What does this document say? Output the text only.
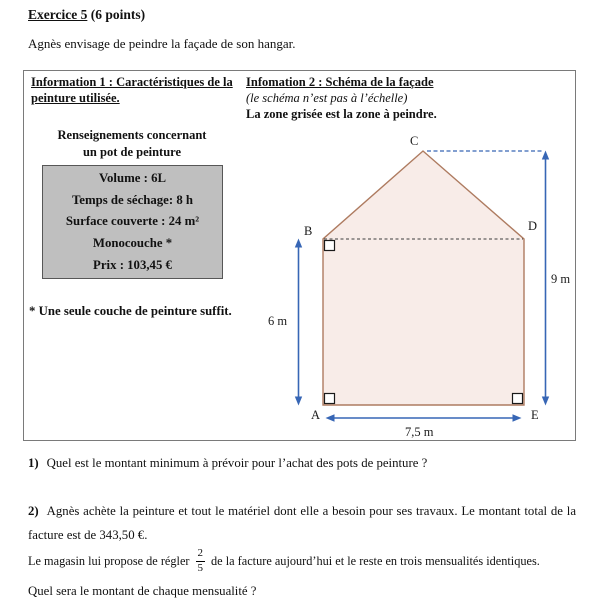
Exercice 5 (6 points)
Agnès envisage de peindre la façade de son hangar.
Information 1 : Caractéristiques de la
peinture utilisée.
Renseignements concernant
un pot de peinture
Volume : 6L
Temps de séchage: 8 h
Surface couverte : 24 m²
Monocouche *
Prix : 103,45 €
* Une seule couche de peinture suffit.
Infomation 2 : Schéma de la façade
(le schéma n’est pas à l’échelle)
La zone grisée est la zone à peindre.
C
B	D
A	E
6 m
9 m
7,5 m
1) Quel est le montant minimum à prévoir pour l’achat des pots de peinture ?
2) Agnès achète la peinture et tout le matériel dont elle a besoin pour ses travaux. Le montant total de la facture est de 343,50 €.
Le magasin lui propose de régler $\frac{2}{5}$ de la facture aujourd’hui et le reste en trois mensualités identiques.
Quel sera le montant de chaque mensualité ?
